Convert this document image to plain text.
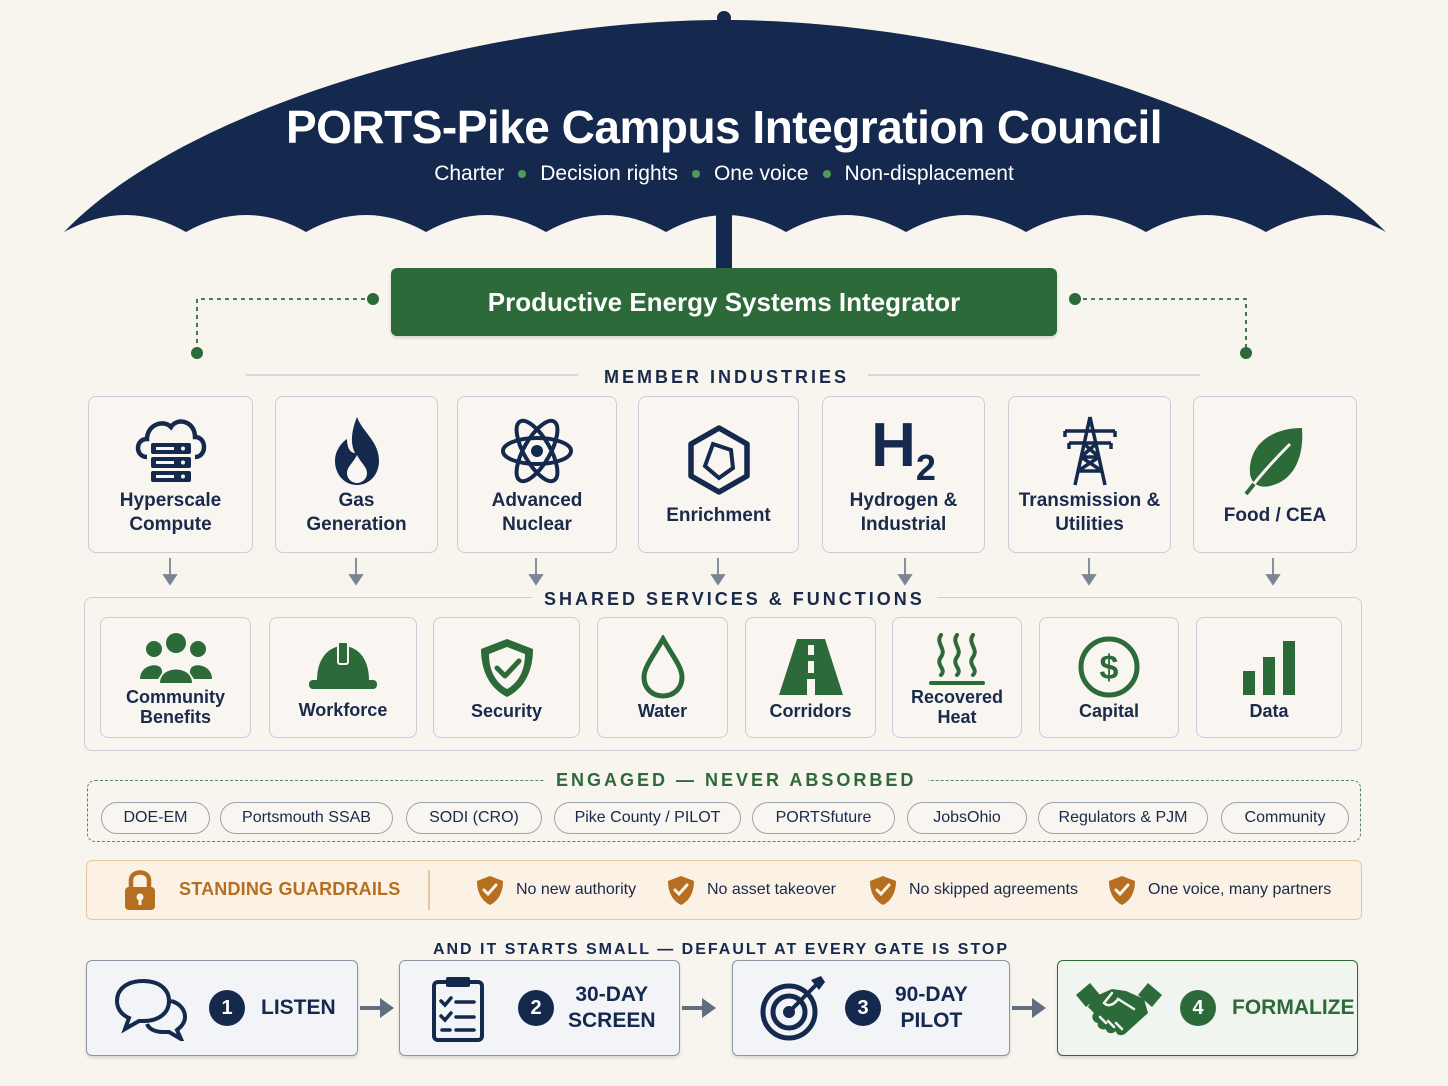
PORTS-Pike Campus Integration Council
Charter Decision rights One voice Non-displacement
Productive Energy Systems Integrator
MEMBER INDUSTRIES
Hyperscale
Compute
Gas
Generation
Advanced
Nuclear	Enrichment
H 2
Hydrogen &
Industrial
Transmission &
Utilities	Food / CEA
SHARED SERVICES & FUNCTIONS
Community
Benefits	Workforce	Security	Water	Corridors
Recovered
Heat
$
Capital	Data
ENGAGED — NEVER ABSORBED
DOE-EM	Portsmouth SSAB	SODI (CRO)	Pike County / PILOT	PORTSfuture	JobsOhio	Regulators & PJM	Community
STANDING GUARDRAILS	No new authority	No asset takeover	No skipped agreements	One voice, many partners
AND IT STARTS SMALL — DEFAULT AT EVERY GATE IS STOP
1	LISTEN	2
30-DAY
SCREEN
3
90-DAY
PILOT
4	FORMALIZE
